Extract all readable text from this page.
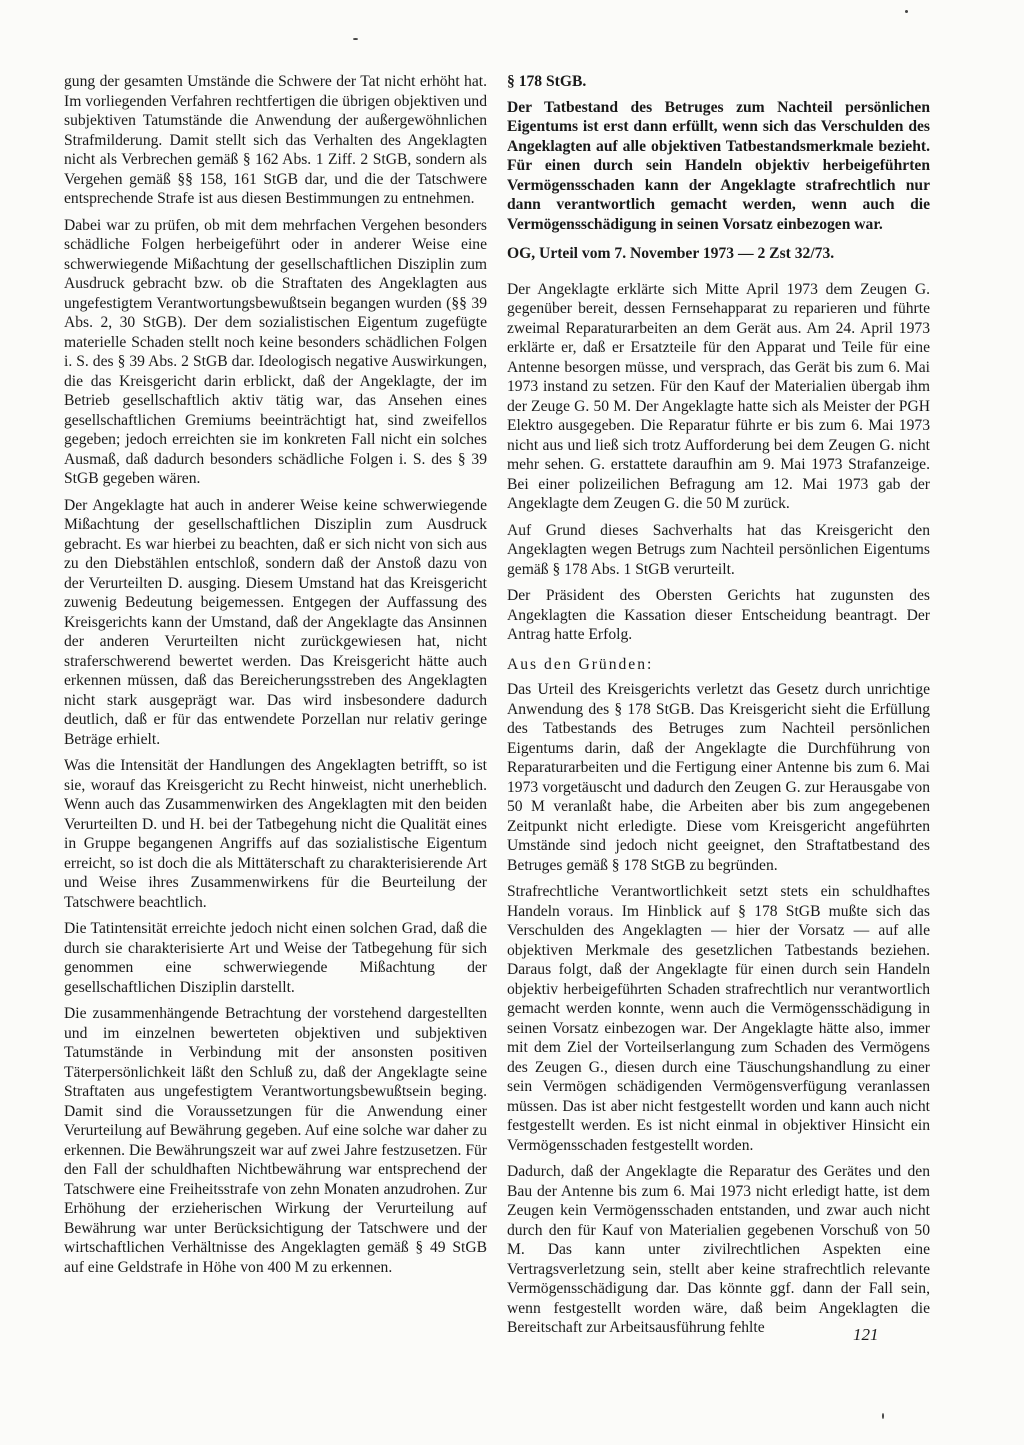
gung der gesamten Umstände die Schwere der Tat nicht erhöht hat. Im vorliegenden Verfahren rechtfertigen die übrigen objektiven und subjektiven Tatumstände die Anwendung der außergewöhnlichen Strafmilderung. Damit stellt sich das Verhalten des Angeklagten nicht als Verbrechen gemäß § 162 Abs. 1 Ziff. 2 StGB, sondern als Vergehen gemäß §§ 158, 161 StGB dar, und die der Tatschwere entsprechende Strafe ist aus diesen Bestimmungen zu entnehmen.

Dabei war zu prüfen, ob mit dem mehrfachen Vergehen besonders schädliche Folgen herbeigeführt oder in anderer Weise eine schwerwiegende Mißachtung der gesellschaftlichen Disziplin zum Ausdruck gebracht bzw. ob die Straftaten des Angeklagten aus ungefestigtem Verantwortungsbewußtsein begangen wurden (§§ 39 Abs. 2, 30 StGB). Der dem sozialistischen Eigentum zugefügte materielle Schaden stellt noch keine besonders schädlichen Folgen i. S. des § 39 Abs. 2 StGB dar. Ideologisch negative Auswirkungen, die das Kreisgericht darin erblickt, daß der Angeklagte, der im Betrieb gesellschaftlich aktiv tätig war, das Ansehen eines gesellschaftlichen Gremiums beeinträchtigt hat, sind zweifellos gegeben; jedoch erreichten sie im konkreten Fall nicht ein solches Ausmaß, daß dadurch besonders schädliche Folgen i. S. des § 39 StGB gegeben wären.

Der Angeklagte hat auch in anderer Weise keine schwerwiegende Mißachtung der gesellschaftlichen Disziplin zum Ausdruck gebracht. Es war hierbei zu beachten, daß er sich nicht von sich aus zu den Diebstählen entschloß, sondern daß der Anstoß dazu von der Verurteilten D. ausging. Diesem Umstand hat das Kreisgericht zuwenig Bedeutung beigemessen. Entgegen der Auffassung des Kreisgerichts kann der Umstand, daß der Angeklagte das Ansinnen der anderen Verurteilten nicht zurückgewiesen hat, nicht straferschwerend bewertet werden. Das Kreisgericht hätte auch erkennen müssen, daß das Bereicherungsstreben des Angeklagten nicht stark ausgeprägt war. Das wird insbesondere dadurch deutlich, daß er für das entwendete Porzellan nur relativ geringe Beträge erhielt.

Was die Intensität der Handlungen des Angeklagten betrifft, so ist sie, worauf das Kreisgericht zu Recht hinweist, nicht unerheblich. Wenn auch das Zusammenwirken des Angeklagten mit den beiden Verurteilten D. und H. bei der Tatbegehung nicht die Qualität eines in Gruppe begangenen Angriffs auf das sozialistische Eigentum erreicht, so ist doch die als Mittäterschaft zu charakterisierende Art und Weise ihres Zusammenwirkens für die Beurteilung der Tatschwere beachtlich.

Die Tatintensität erreichte jedoch nicht einen solchen Grad, daß die durch sie charakterisierte Art und Weise der Tatbegehung für sich genommen eine schwerwiegende Mißachtung der gesellschaftlichen Disziplin darstellt.

Die zusammenhängende Betrachtung der vorstehend dargestellten und im einzelnen bewerteten objektiven und subjektiven Tatumstände in Verbindung mit der ansonsten positiven Täterpersönlichkeit läßt den Schluß zu, daß der Angeklagte seine Straftaten aus ungefestigtem Verantwortungsbewußtsein beging. Damit sind die Voraussetzungen für die Anwendung einer Verurteilung auf Bewährung gegeben. Auf eine solche war daher zu erkennen. Die Bewährungszeit war auf zwei Jahre festzusetzen. Für den Fall der schuldhaften Nichtbewährung war entsprechend der Tatschwere eine Freiheitsstrafe von zehn Monaten anzudrohen. Zur Erhöhung der erzieherischen Wirkung der Verurteilung auf Bewährung war unter Berücksichtigung der Tatschwere und der wirtschaftlichen Verhältnisse des Angeklagten gemäß § 49 StGB auf eine Geldstrafe in Höhe von 400 M zu erkennen.

§ 178 StGB.
Der Tatbestand des Betruges zum Nachteil persönlichen Eigentums ist erst dann erfüllt, wenn sich das Verschulden des Angeklagten auf alle objektiven Tatbestandsmerkmale bezieht. Für einen durch sein Handeln objektiv herbeigeführten Vermögensschaden kann der Angeklagte strafrechtlich nur dann verantwortlich gemacht werden, wenn auch die Vermögensschädigung in seinen Vorsatz einbezogen war.
OG, Urteil vom 7. November 1973 — 2 Zst 32/73.

Der Angeklagte erklärte sich Mitte April 1973 dem Zeugen G. gegenüber bereit, dessen Fernsehapparat zu reparieren und führte zweimal Reparaturarbeiten an dem Gerät aus. Am 24. April 1973 erklärte er, daß er Ersatzteile für den Apparat und Teile für eine Antenne besorgen müsse, und versprach, das Gerät bis zum 6. Mai 1973 instand zu setzen. Für den Kauf der Materialien übergab ihm der Zeuge G. 50 M. Der Angeklagte hatte sich als Meister der PGH Elektro ausgegeben. Die Reparatur führte er bis zum 6. Mai 1973 nicht aus und ließ sich trotz Aufforderung bei dem Zeugen G. nicht mehr sehen. G. erstattete daraufhin am 9. Mai 1973 Strafanzeige. Bei einer polizeilichen Befragung am 12. Mai 1973 gab der Angeklagte dem Zeugen G. die 50 M zurück.

Auf Grund dieses Sachverhalts hat das Kreisgericht den Angeklagten wegen Betrugs zum Nachteil persönlichen Eigentums gemäß § 178 Abs. 1 StGB verurteilt.

Der Präsident des Obersten Gerichts hat zugunsten des Angeklagten die Kassation dieser Entscheidung beantragt. Der Antrag hatte Erfolg.

Aus den Gründen:

Das Urteil des Kreisgerichts verletzt das Gesetz durch unrichtige Anwendung des § 178 StGB. Das Kreisgericht sieht die Erfüllung des Tatbestands des Betruges zum Nachteil persönlichen Eigentums darin, daß der Angeklagte die Durchführung von Reparaturarbeiten und die Fertigung einer Antenne bis zum 6. Mai 1973 vorgetäuscht und dadurch den Zeugen G. zur Herausgabe von 50 M veranlaßt habe, die Arbeiten aber bis zum angegebenen Zeitpunkt nicht erledigte. Diese vom Kreisgericht angeführten Umstände sind jedoch nicht geeignet, den Straftatbestand des Betruges gemäß § 178 StGB zu begründen.

Strafrechtliche Verantwortlichkeit setzt stets ein schuldhaftes Handeln voraus. Im Hinblick auf § 178 StGB mußte sich das Verschulden des Angeklagten — hier der Vorsatz — auf alle objektiven Merkmale des gesetzlichen Tatbestands beziehen. Daraus folgt, daß der Angeklagte für einen durch sein Handeln objektiv herbeigeführten Schaden strafrechtlich nur verantwortlich gemacht werden konnte, wenn auch die Vermögensschädigung in seinen Vorsatz einbezogen war. Der Angeklagte hätte also, immer mit dem Ziel der Vorteilserlangung zum Schaden des Vermögens des Zeugen G., diesen durch eine Täuschungshandlung zu einer sein Vermögen schädigenden Vermögensverfügung veranlassen müssen. Das ist aber nicht festgestellt worden und kann auch nicht festgestellt werden. Es ist nicht einmal in objektiver Hinsicht ein Vermögensschaden festgestellt worden.

Dadurch, daß der Angeklagte die Reparatur des Gerätes und den Bau der Antenne bis zum 6. Mai 1973 nicht erledigt hatte, ist dem Zeugen kein Vermögensschaden entstanden, und zwar auch nicht durch den für Kauf von Materialien gegebenen Vorschuß von 50 M. Das kann unter zivilrechtlichen Aspekten eine Vertragsverletzung sein, stellt aber keine strafrechtlich relevante Vermögensschädigung dar. Das könnte ggf. dann der Fall sein, wenn festgestellt worden wäre, daß beim Angeklagten die Bereitschaft zur Arbeitsausführung fehlte	121
